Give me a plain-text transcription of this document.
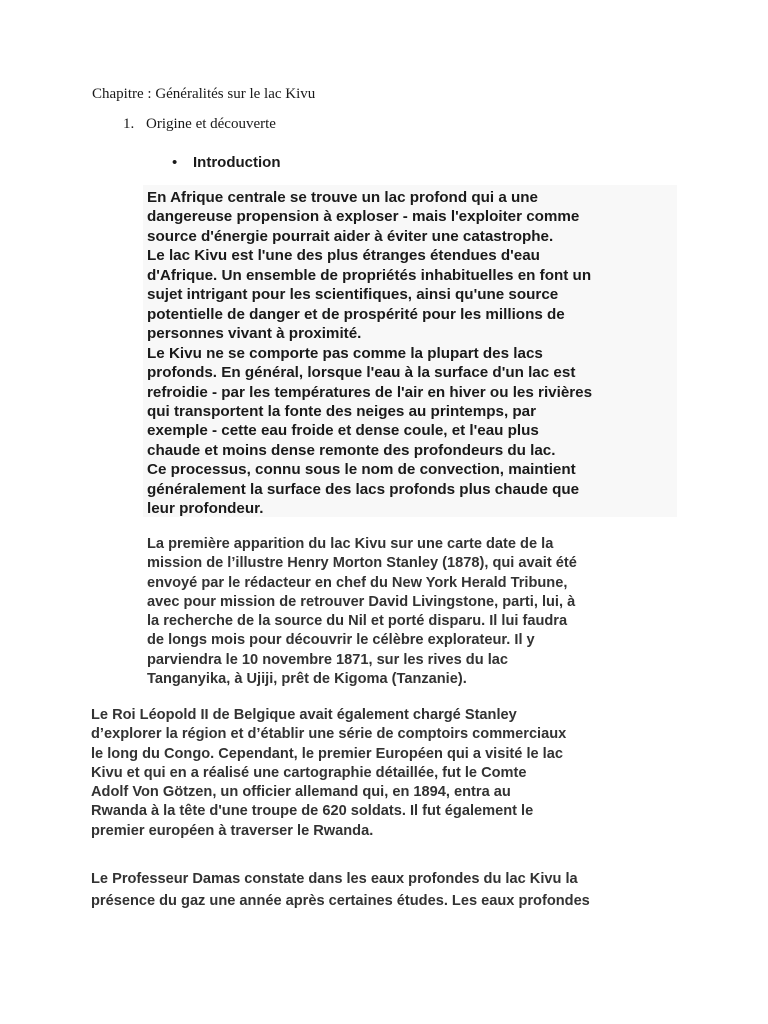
Chapitre : Généralités sur le lac Kivu
1. Origine et découverte
• Introduction

En Afrique centrale se trouve un lac profond qui a une
dangereuse propension à exploser - mais l'exploiter comme
source d'énergie pourrait aider à éviter une catastrophe.
Le lac Kivu est l'une des plus étranges étendues d'eau
d'Afrique. Un ensemble de propriétés inhabituelles en font un
sujet intrigant pour les scientifiques, ainsi qu'une source
potentielle de danger et de prospérité pour les millions de
personnes vivant à proximité.
Le Kivu ne se comporte pas comme la plupart des lacs
profonds. En général, lorsque l'eau à la surface d'un lac est
refroidie - par les températures de l'air en hiver ou les rivières
qui transportent la fonte des neiges au printemps, par
exemple - cette eau froide et dense coule, et l'eau plus
chaude et moins dense remonte des profondeurs du lac.
Ce processus, connu sous le nom de convection, maintient
généralement la surface des lacs profonds plus chaude que
leur profondeur.

La première apparition du lac Kivu sur une carte date de la
mission de l’illustre Henry Morton Stanley (1878), qui avait été
envoyé par le rédacteur en chef du New York Herald Tribune,
avec pour mission de retrouver David Livingstone, parti, lui, à
la recherche de la source du Nil et porté disparu. Il lui faudra
de longs mois pour découvrir le célèbre explorateur. Il y
parviendra le 10 novembre 1871, sur les rives du lac
Tanganyika, à Ujiji, prêt de Kigoma (Tanzanie).

Le Roi Léopold II de Belgique avait également chargé Stanley
d’explorer la région et d’établir une série de comptoirs commerciaux
le long du Congo. Cependant, le premier Européen qui a visité le lac
Kivu et qui en a réalisé une cartographie détaillée, fut le Comte
Adolf Von Götzen, un officier allemand qui, en 1894, entra au
Rwanda à la tête d'une troupe de 620 soldats. Il fut également le
premier européen à traverser le Rwanda.

Le Professeur Damas constate dans les eaux profondes du lac Kivu la
présence du gaz une année après certaines études. Les eaux profondes
